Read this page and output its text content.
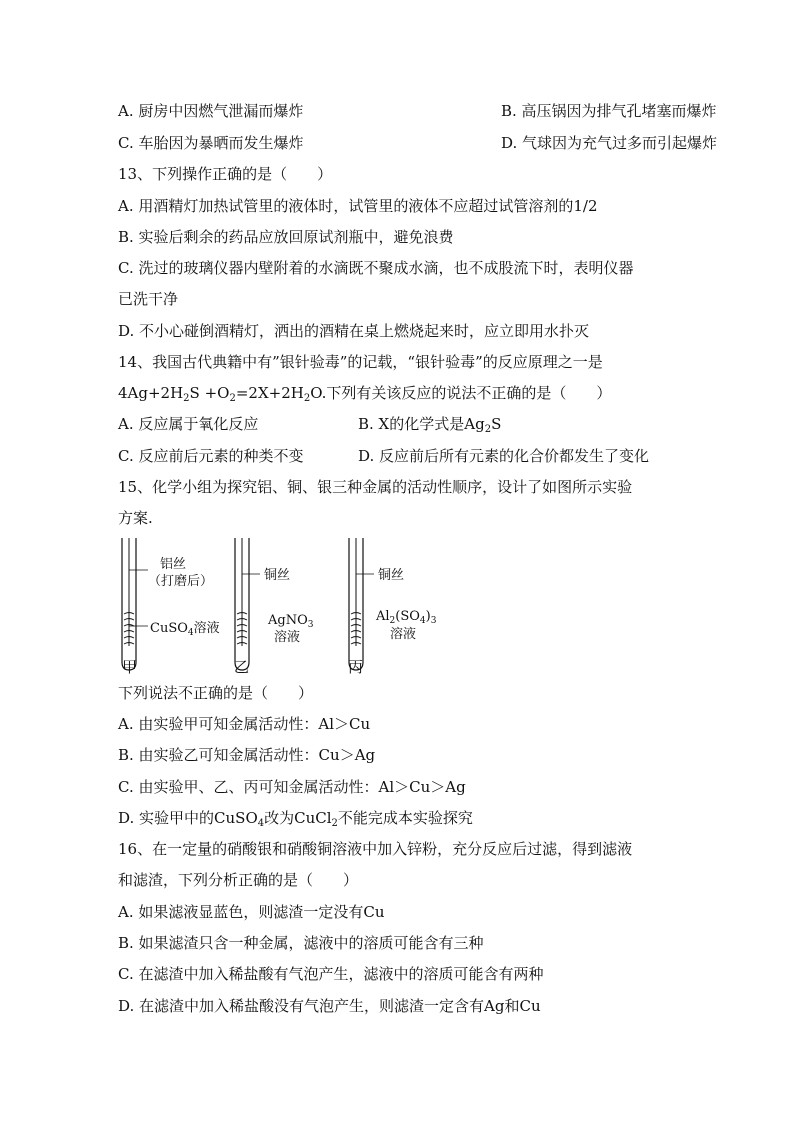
A. 厨房中因燃气泄漏而爆炸	B. 高压锅因为排气孔堵塞而爆炸
C. 车胎因为暴晒而发生爆炸	D. 气球因为充气过多而引起爆炸
13、下列操作正确的是（　　）
A. 用酒精灯加热试管里的液体时，试管里的液体不应超过试管溶剂的1/2
B. 实验后剩余的药品应放回原试剂瓶中，避免浪费
C. 洗过的玻璃仪器内壁附着的水滴既不聚成水滴，也不成股流下时，表明仪器
已洗干净
D. 不小心碰倒酒精灯，洒出的酒精在桌上燃烧起来时，应立即用水扑灭
14、我国古代典籍中有”银针验毒”的记载，“银针验毒”的反应原理之一是
$4Ag+2H_2S +O_2=2X+2H_2O$.下列有关该反应的说法不正确的是（　　）
A. 反应属于氧化反应	B. X的化学式是$Ag_2S$
C. 反应前后元素的种类不变	D. 反应前后所有元素的化合价都发生了变化
15、化学小组为探究铝、铜、银三种金属的活动性顺序，设计了如图所示实验
方案.
铝丝
（打磨后）
CuSO$_4$溶液
甲
铜丝
AgNO$_3$
溶液
乙
铜丝
$Al_2(SO_4)_3$
溶液
丙
下列说法不正确的是（　　）
A. 由实验甲可知金属活动性：Al＞Cu
B. 由实验乙可知金属活动性：Cu＞Ag
C. 由实验甲、乙、丙可知金属活动性：Al＞Cu＞Ag
D. 实验甲中的CuSO$_4$改为CuCl$_2$不能完成本实验探究
16、在一定量的硝酸银和硝酸铜溶液中加入锌粉，充分反应后过滤，得到滤液
和滤渣，下列分析正确的是（　　）
A. 如果滤液显蓝色，则滤渣一定没有Cu
B. 如果滤渣只含一种金属，滤液中的溶质可能含有三种
C. 在滤渣中加入稀盐酸有气泡产生，滤液中的溶质可能含有两种
D. 在滤渣中加入稀盐酸没有气泡产生，则滤渣一定含有Ag和Cu
